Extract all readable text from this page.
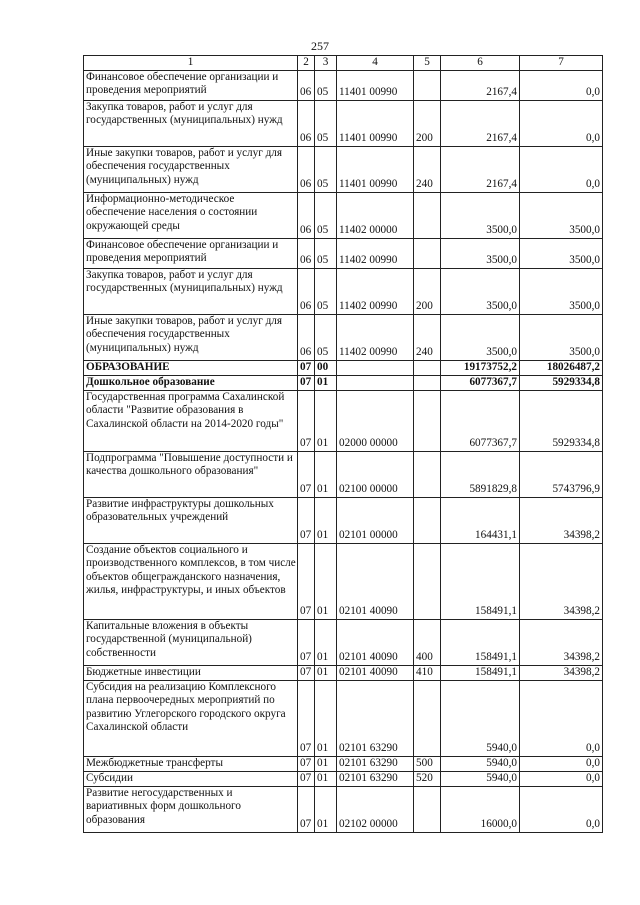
257
1	2	3	4	5	6	7
Финансовое обеспечение организации и проведения мероприятий	06	05	11401 00990		2167,4	0,0
Закупка товаров, работ и услуг для государственных (муниципальных) нужд	06	05	11401 00990	200	2167,4	0,0
Иные закупки товаров, работ и услуг для обеспечения государственных (муниципальных) нужд	06	05	11401 00990	240	2167,4	0,0
Информационно-методическое обеспечение населения о состоянии окружающей среды	06	05	11402 00000		3500,0	3500,0
Финансовое обеспечение организации и проведения мероприятий	06	05	11402 00990		3500,0	3500,0
Закупка товаров, работ и услуг для государственных (муниципальных) нужд	06	05	11402 00990	200	3500,0	3500,0
Иные закупки товаров, работ и услуг для обеспечения государственных (муниципальных) нужд	06	05	11402 00990	240	3500,0	3500,0
ОБРАЗОВАНИЕ	07	00			19173752,2	18026487,2
Дошкольное образование	07	01			6077367,7	5929334,8
Государственная программа Сахалинской области "Развитие образования в Сахалинской области на 2014-2020 годы"	07	01	02000 00000		6077367,7	5929334,8
Подпрограмма "Повышение доступности и качества дошкольного образования"	07	01	02100 00000		5891829,8	5743796,9
Развитие инфраструктуры дошкольных образовательных учреждений	07	01	02101 00000		164431,1	34398,2
Создание объектов социального и производственного комплексов, в том числе объектов общегражданского назначения, жилья, инфраструктуры, и иных объектов	07	01	02101 40090		158491,1	34398,2
Капитальные вложения в объекты государственной (муниципальной) собственности	07	01	02101 40090	400	158491,1	34398,2
Бюджетные инвестиции	07	01	02101 40090	410	158491,1	34398,2
Субсидия на реализацию Комплексного плана первоочередных мероприятий по развитию Углегорского городского округа Сахалинской области	07	01	02101 63290		5940,0	0,0
Межбюджетные трансферты	07	01	02101 63290	500	5940,0	0,0
Субсидии	07	01	02101 63290	520	5940,0	0,0
Развитие негосударственных и вариативных форм дошкольного образования	07	01	02102 00000		16000,0	0,0
